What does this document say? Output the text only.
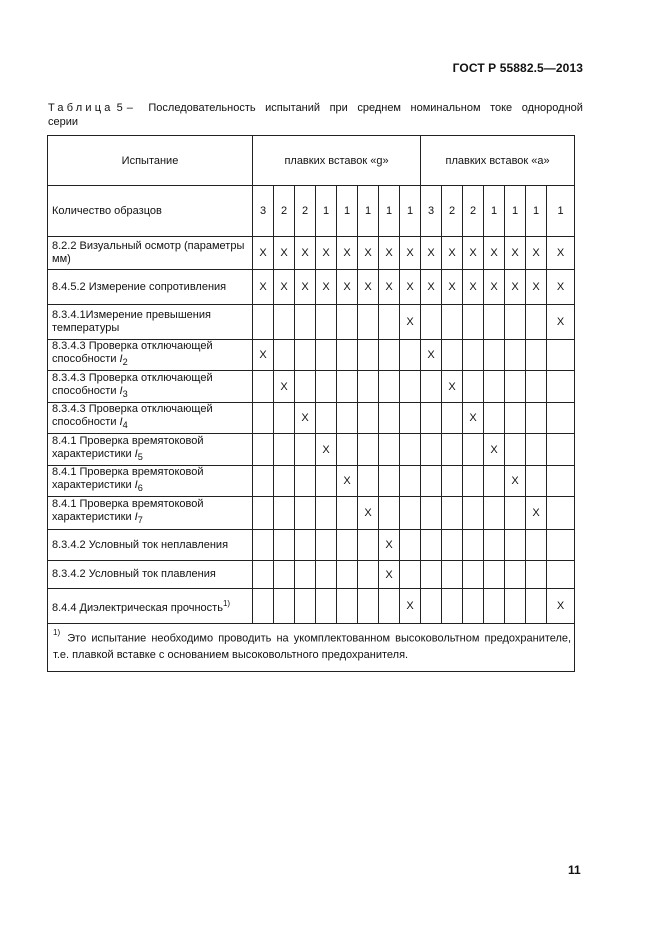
ГОСТ Р 55882.5—2013
Таблица 5 –	Последовательность испытаний при среднем номинальном токе однородной
серии
Испытание	плавких вставок «g»								плавких вставок «a»						
Количество образцов	3	2	2	1	1	1	1	1	3	2	2	1	1	1	1
8.2.2 Визуальный осмотр (параметры мм)	X	X	X	X	X	X	X	X	X	X	X	X	X	X	X
8.4.5.2 Измерение сопротивления	X	X	X	X	X	X	X	X	X	X	X	X	X	X	X
8.3.4.1Измерение превышения температуры								X							X
8.3.4.3 Проверка отключающей способности $I_2$	X								X						
8.3.4.3 Проверка отключающей способности $I_3$		X								X					
8.3.4.3 Проверка отключающей способности $I_4$			X								X				
8.4.1 Проверка времятоковой характеристики $I_5$				X								X			
8.4.1 Проверка времятоковой характеристики $I_6$					X								X		
8.4.1 Проверка времятоковой характеристики $I_7$						X								X	
8.3.4.2 Условный ток неплавления							X								
8.3.4.2 Условный ток плавления							X								
8.4.4 Диэлектрическая прочность$^{1)}$								X							X
$^{1)}$ Это испытание необходимо проводить на укомплектованном высоковольтном предохранителе, т.е. плавкой вставке с основанием высоковольтного предохранителя.															
11
